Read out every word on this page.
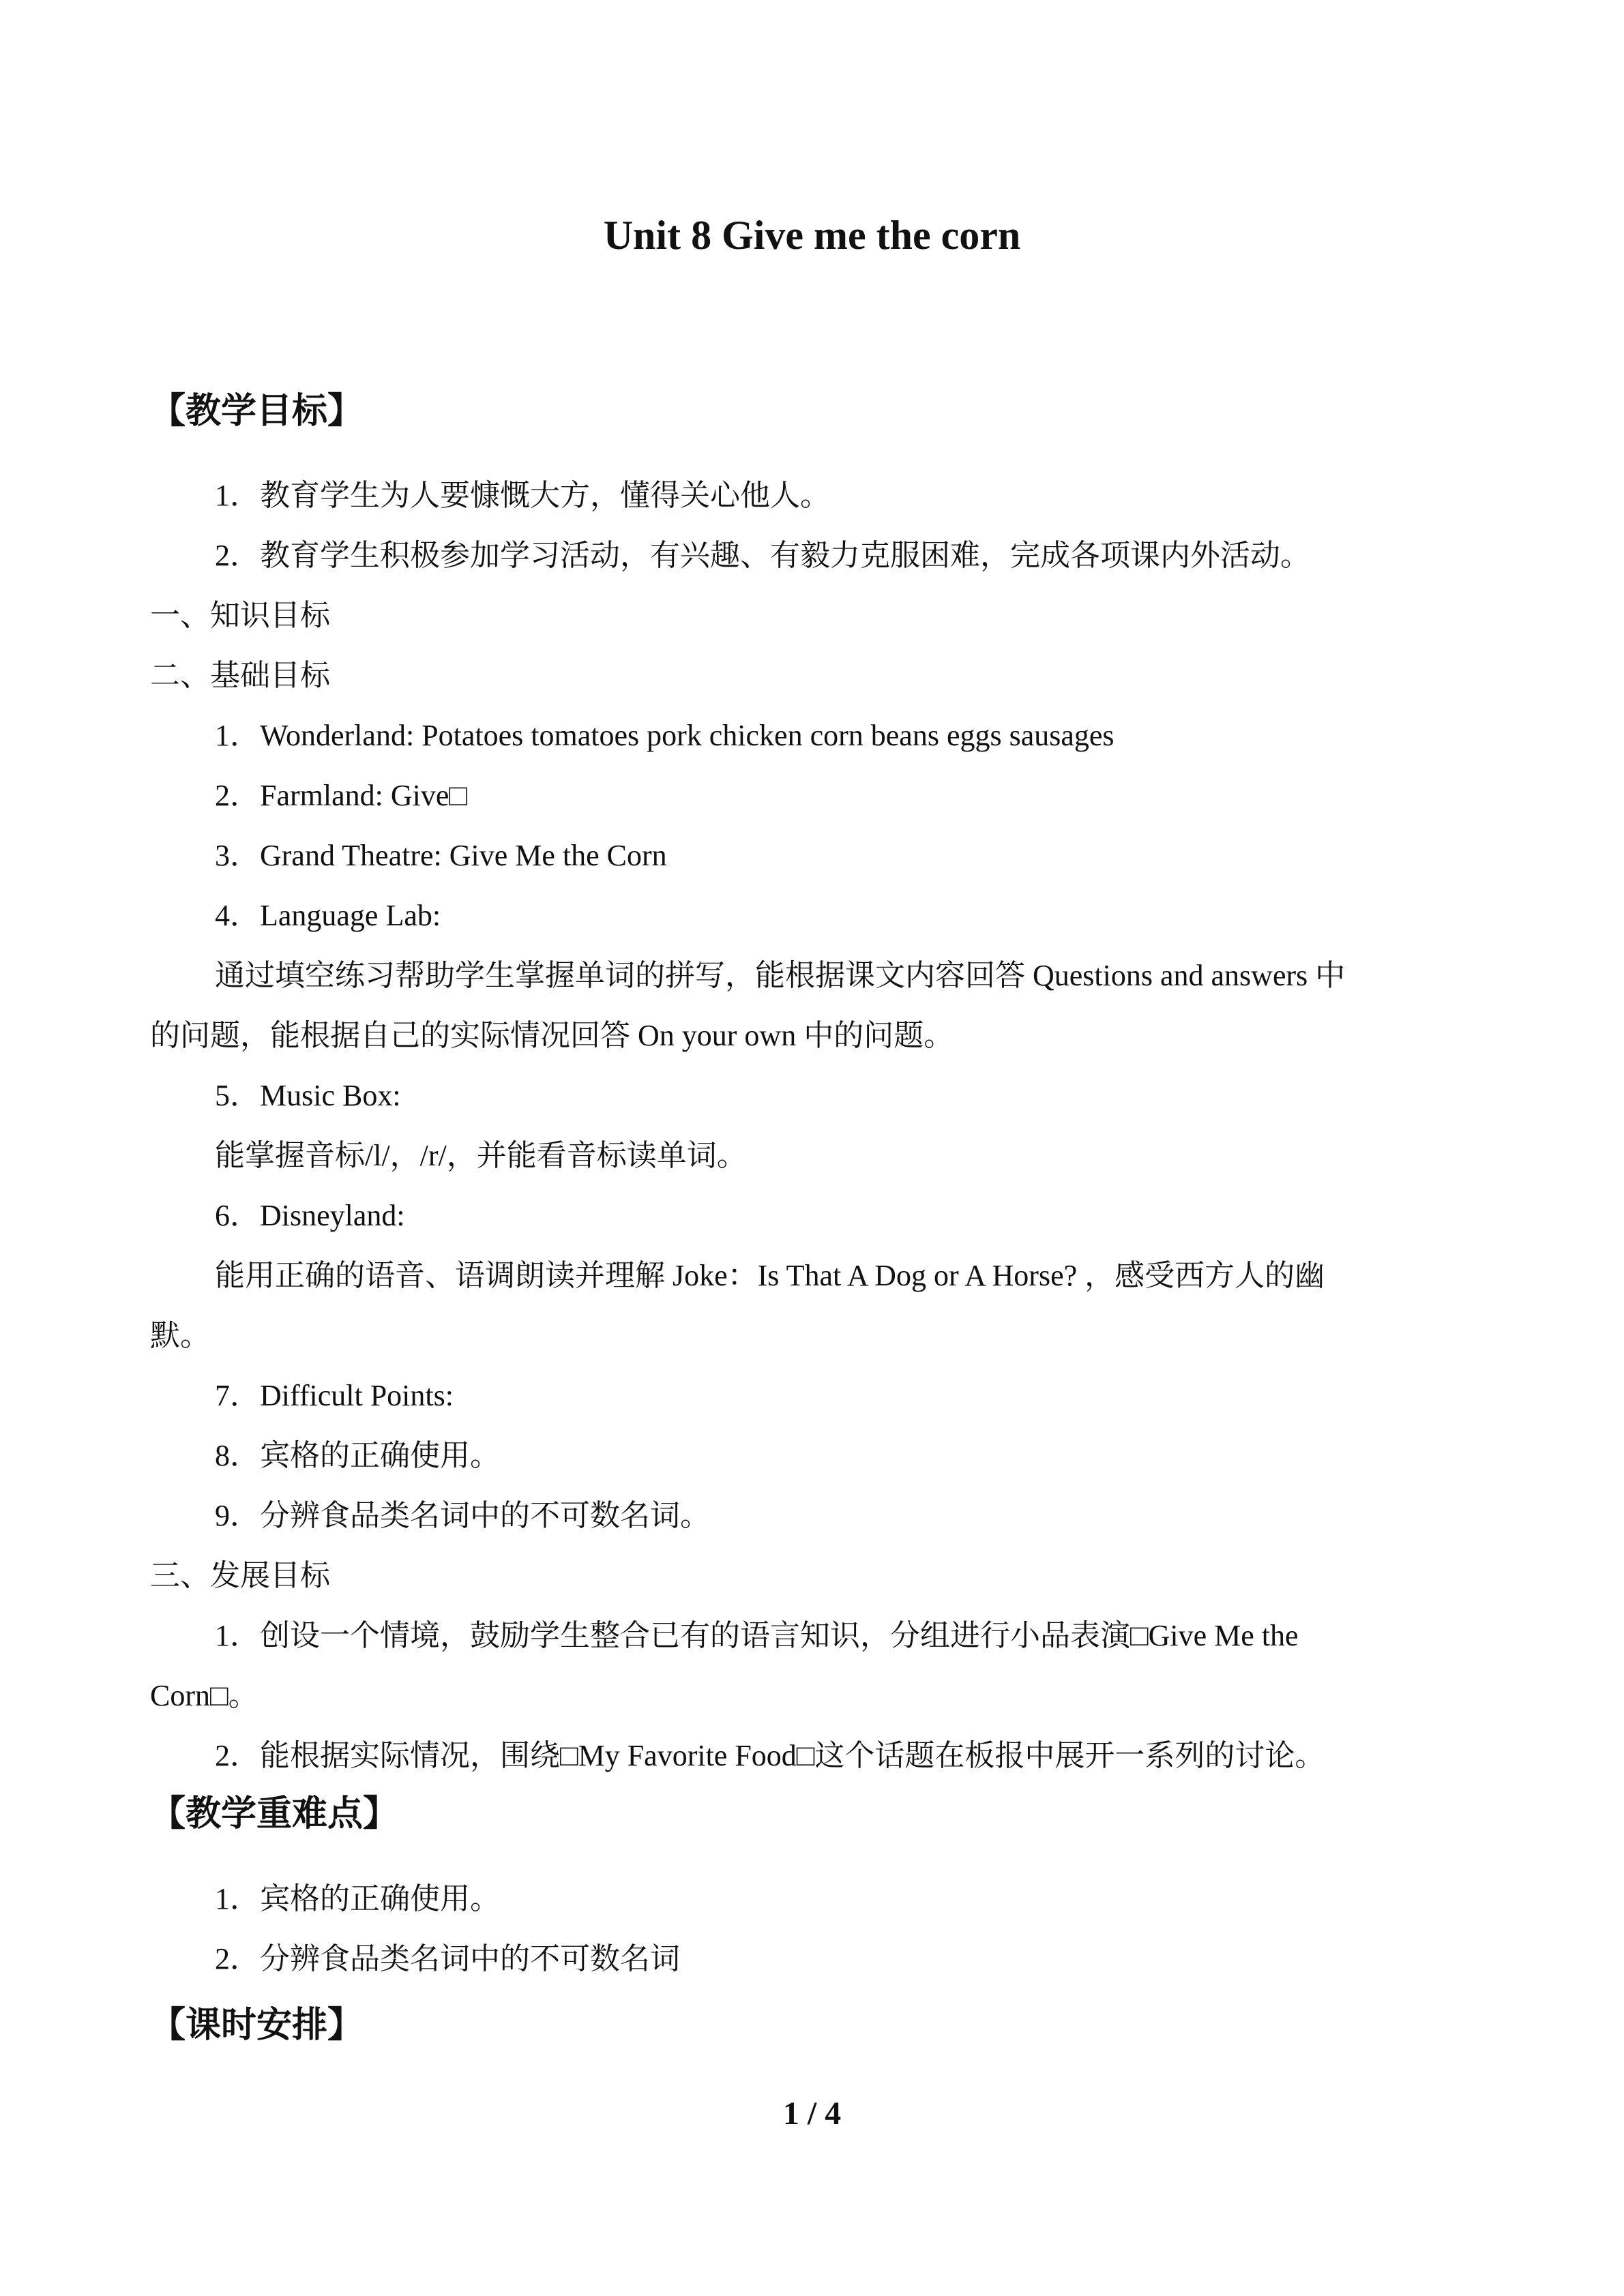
Unit 8 Give me the corn
【教学目标】
1．教育学生为人要慷慨大方，懂得关心他人。
2．教育学生积极参加学习活动，有兴趣、有毅力克服困难，完成各项课内外活动。
一、知识目标
二、基础目标
1．Wonderland: Potatoes tomatoes pork chicken corn beans eggs sausages
2．Farmland: Give□
3．Grand Theatre: Give Me the Corn
4．Language Lab:
通过填空练习帮助学生掌握单词的拼写，能根据课文内容回答 Questions and answers 中
的问题，能根据自己的实际情况回答 On your own 中的问题。
5．Music Box:
能掌握音标/l/，/r/，并能看音标读单词。
6．Disneyland:
能用正确的语音、语调朗读并理解 Joke：Is That A Dog or A Horse? ，感受西方人的幽
默。
7．Difficult Points:
8．宾格的正确使用。
9．分辨食品类名词中的不可数名词。
三、发展目标
1．创设一个情境，鼓励学生整合已有的语言知识，分组进行小品表演□Give Me the
Corn□。
2．能根据实际情况，围绕□My Favorite Food□这个话题在板报中展开一系列的讨论。
【教学重难点】
1．宾格的正确使用。
2．分辨食品类名词中的不可数名词
【课时安排】
1 / 4
